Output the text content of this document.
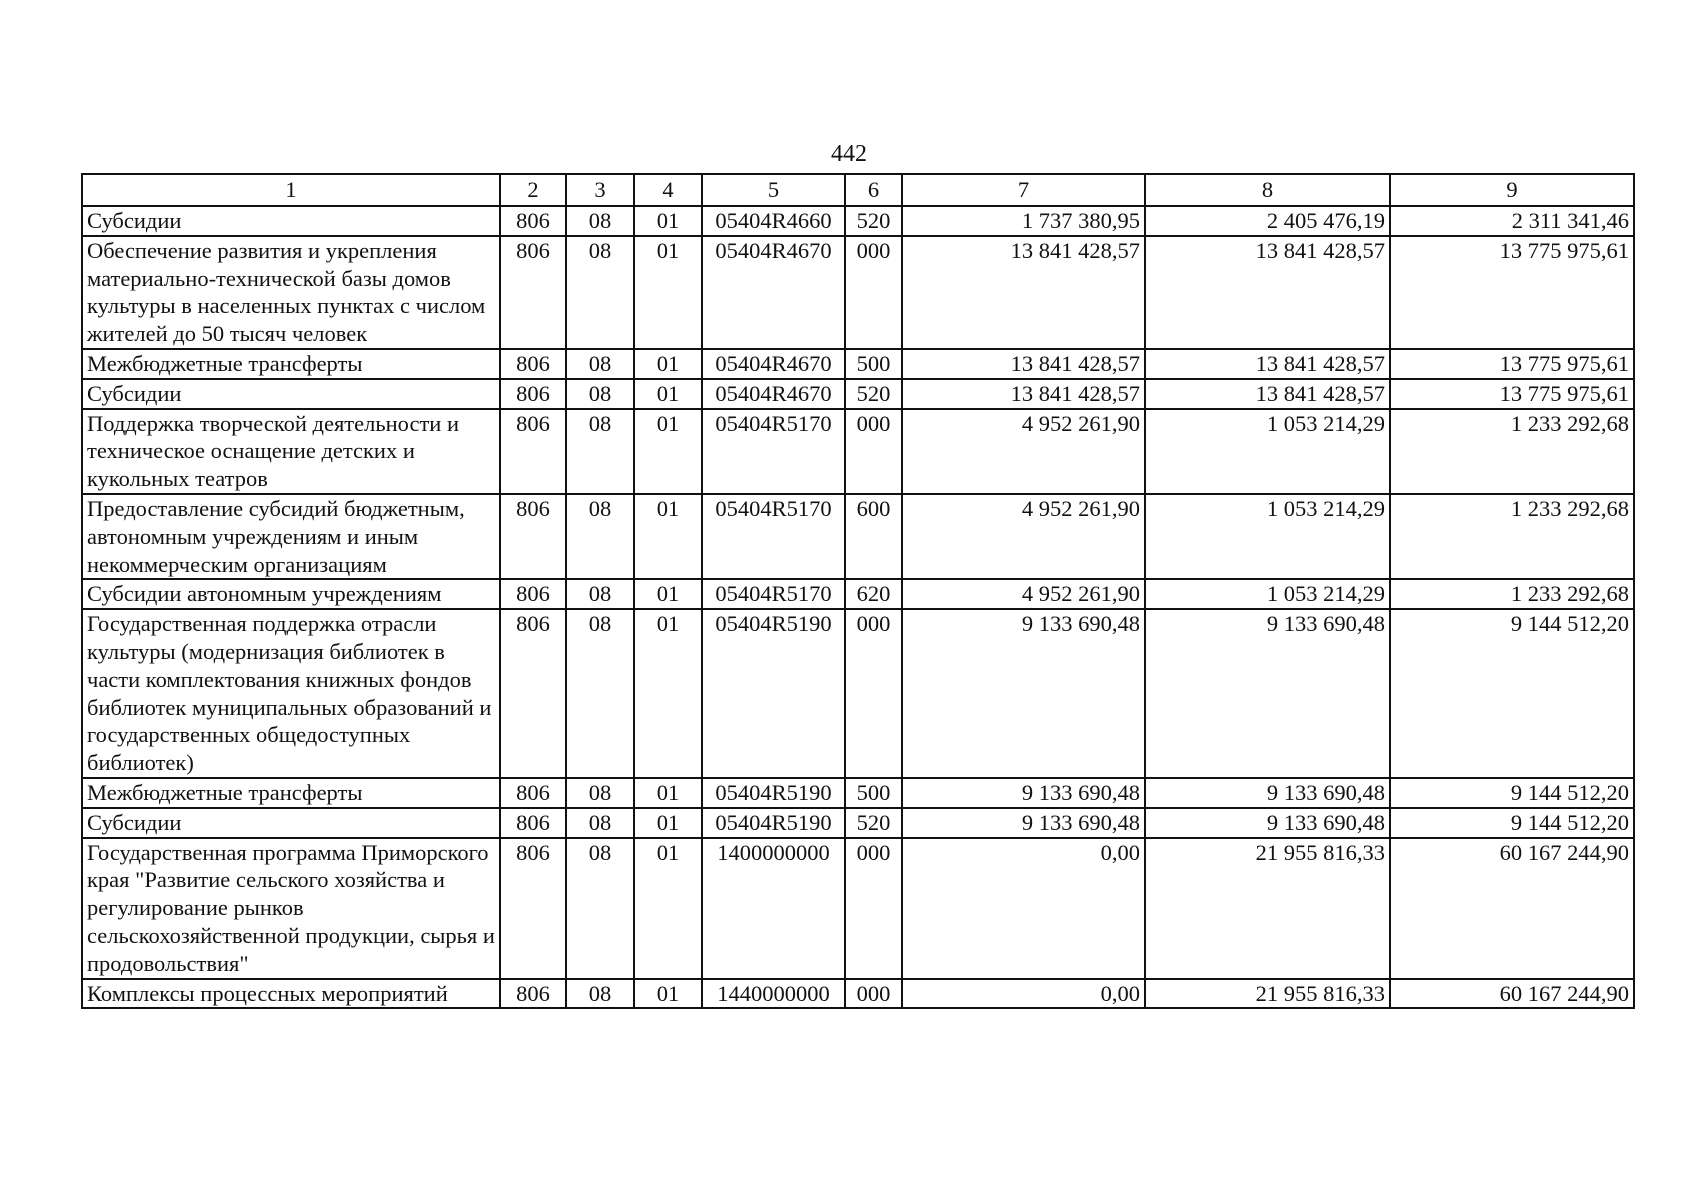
442
1	2	3	4	5	6	7	8	9
Субсидии	806	08	01	05404R4660	520	1 737 380,95	2 405 476,19	2 311 341,46
Обеспечение развития и укрепления материально-технической базы домов культуры в населенных пунктах с числом жителей до 50 тысяч человек	806	08	01	05404R4670	000	13 841 428,57	13 841 428,57	13 775 975,61
Межбюджетные трансферты	806	08	01	05404R4670	500	13 841 428,57	13 841 428,57	13 775 975,61
Субсидии	806	08	01	05404R4670	520	13 841 428,57	13 841 428,57	13 775 975,61
Поддержка творческой деятельности и техническое оснащение детских и кукольных театров	806	08	01	05404R5170	000	4 952 261,90	1 053 214,29	1 233 292,68
Предоставление субсидий бюджетным, автономным учреждениям и иным некоммерческим организациям	806	08	01	05404R5170	600	4 952 261,90	1 053 214,29	1 233 292,68
Субсидии автономным учреждениям	806	08	01	05404R5170	620	4 952 261,90	1 053 214,29	1 233 292,68
Государственная поддержка отрасли культуры (модернизация библиотек в части комплектования книжных фондов библиотек муниципальных образований и государственных общедоступных библиотек)	806	08	01	05404R5190	000	9 133 690,48	9 133 690,48	9 144 512,20
Межбюджетные трансферты	806	08	01	05404R5190	500	9 133 690,48	9 133 690,48	9 144 512,20
Субсидии	806	08	01	05404R5190	520	9 133 690,48	9 133 690,48	9 144 512,20
Государственная программа Приморского края "Развитие сельского хозяйства и регулирование рынков сельскохозяйственной продукции, сырья и продовольствия"	806	08	01	1400000000	000	0,00	21 955 816,33	60 167 244,90
Комплексы процессных мероприятий	806	08	01	1440000000	000	0,00	21 955 816,33	60 167 244,90
